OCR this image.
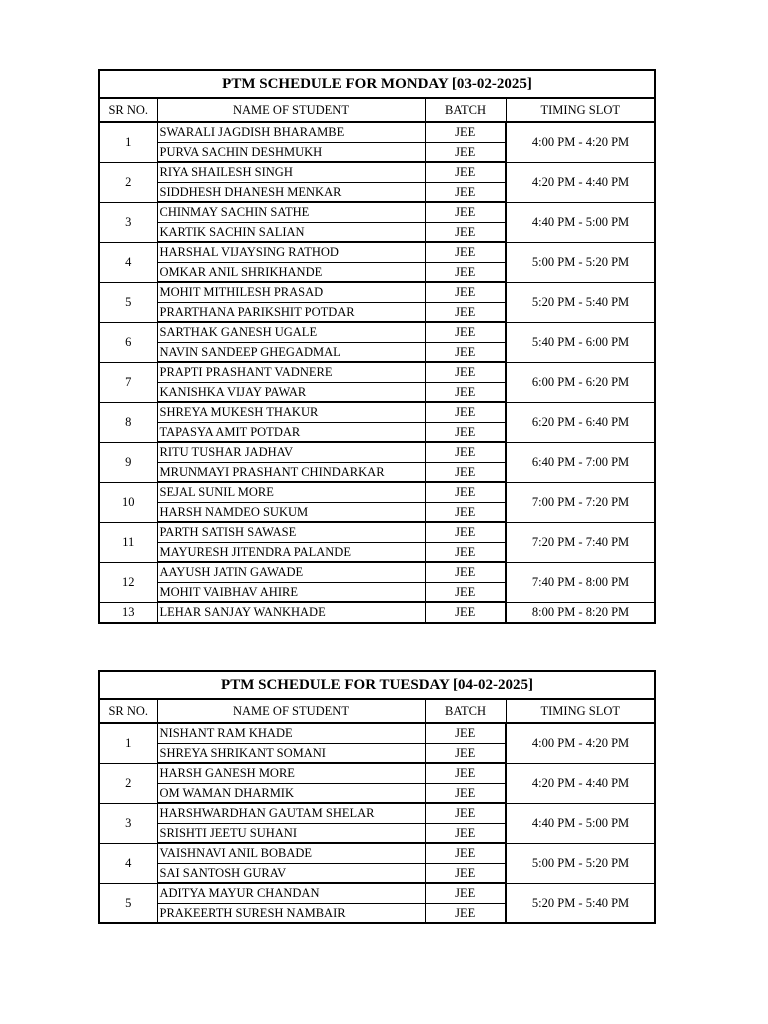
PTM SCHEDULE FOR MONDAY [03-02-2025]			
SR NO.	NAME OF STUDENT	BATCH	TIMING SLOT
1	SWARALI JAGDISH BHARAMBE	JEE	4:00 PM - 4:20 PM
	PURVA SACHIN DESHMUKH	JEE	
2	RIYA SHAILESH SINGH	JEE	4:20 PM - 4:40 PM
	SIDDHESH DHANESH MENKAR	JEE	
3	CHINMAY SACHIN SATHE	JEE	4:40 PM - 5:00 PM
	KARTIK SACHIN SALIAN	JEE	
4	HARSHAL VIJAYSING RATHOD	JEE	5:00 PM - 5:20 PM
	OMKAR ANIL SHRIKHANDE	JEE	
5	MOHIT MITHILESH PRASAD	JEE	5:20 PM - 5:40 PM
	PRARTHANA PARIKSHIT POTDAR	JEE	
6	SARTHAK GANESH UGALE	JEE	5:40 PM - 6:00 PM
	NAVIN SANDEEP GHEGADMAL	JEE	
7	PRAPTI PRASHANT VADNERE	JEE	6:00 PM - 6:20 PM
	KANISHKA VIJAY PAWAR	JEE	
8	SHREYA MUKESH THAKUR	JEE	6:20 PM - 6:40 PM
	TAPASYA AMIT POTDAR	JEE	
9	RITU TUSHAR JADHAV	JEE	6:40 PM - 7:00 PM
	MRUNMAYI PRASHANT CHINDARKAR	JEE	
10	SEJAL SUNIL MORE	JEE	7:00 PM - 7:20 PM
	HARSH NAMDEO SUKUM	JEE	
11	PARTH SATISH SAWASE	JEE	7:20 PM - 7:40 PM
	MAYURESH JITENDRA PALANDE	JEE	
12	AAYUSH JATIN GAWADE	JEE	7:40 PM - 8:00 PM
	MOHIT VAIBHAV AHIRE	JEE	
13	LEHAR SANJAY WANKHADE	JEE	8:00 PM - 8:20 PM
PTM SCHEDULE FOR TUESDAY [04-02-2025]			
SR NO.	NAME OF STUDENT	BATCH	TIMING SLOT
1	NISHANT RAM KHADE	JEE	4:00 PM - 4:20 PM
	SHREYA SHRIKANT SOMANI	JEE	
2	HARSH GANESH MORE	JEE	4:20 PM - 4:40 PM
	OM WAMAN DHARMIK	JEE	
3	HARSHWARDHAN GAUTAM SHELAR	JEE	4:40 PM - 5:00 PM
	SRISHTI JEETU SUHANI	JEE	
4	VAISHNAVI ANIL BOBADE	JEE	5:00 PM - 5:20 PM
	SAI SANTOSH GURAV	JEE	
5	ADITYA MAYUR CHANDAN	JEE	5:20 PM - 5:40 PM
	PRAKEERTH SURESH NAMBAIR	JEE	
